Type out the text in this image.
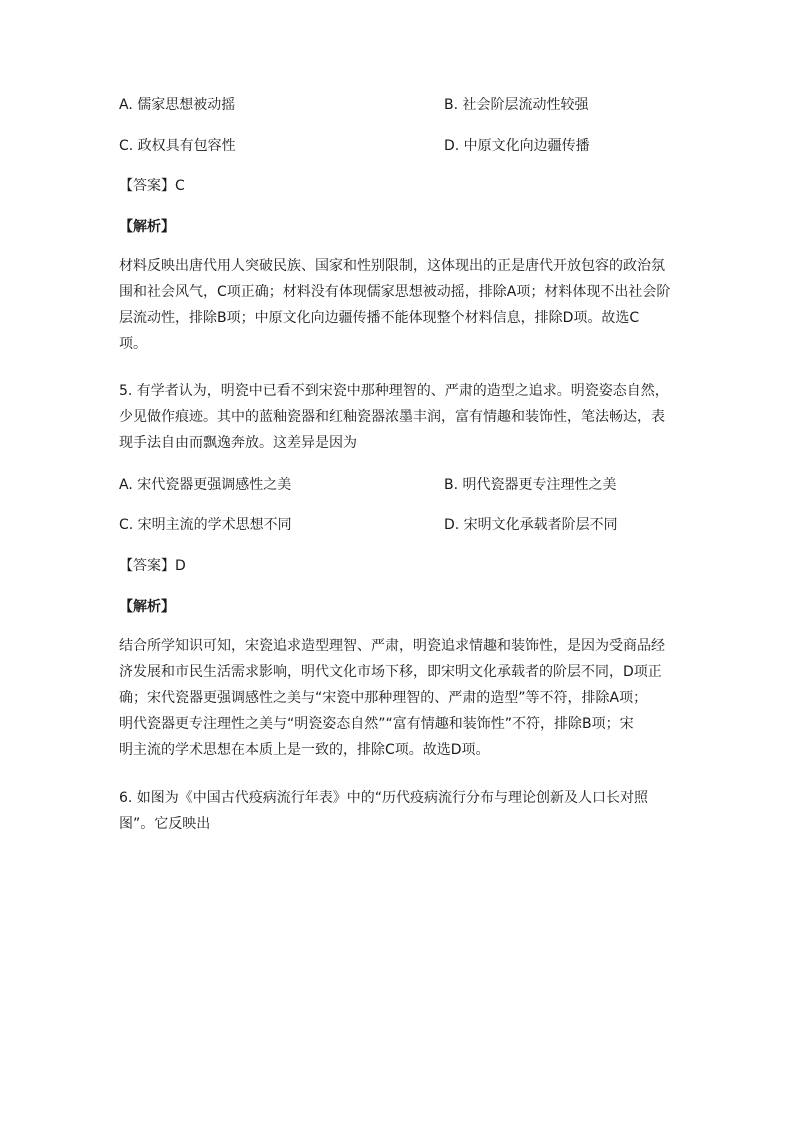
A. 儒家思想被动摇	B. 社会阶层流动性较强
C. 政权具有包容性	D. 中原文化向边疆传播
【答案】C
【解析】
材料反映出唐代用人突破民族、国家和性别限制，这体现出的正是唐代开放包容的政治氛
围和社会风气，C项正确；材料没有体现儒家思想被动摇，排除A项；材料体现不出社会阶
层流动性，排除B项；中原文化向边疆传播不能体现整个材料信息，排除D项。故选C
项。
5. 有学者认为，明瓷中已看不到宋瓷中那种理智的、严肃的造型之追求。明瓷姿态自然，
少见做作痕迹。其中的蓝釉瓷器和红釉瓷器浓墨丰润，富有情趣和装饰性，笔法畅达，表
现手法自由而飘逸奔放。这差异是因为
A. 宋代瓷器更强调感性之美	B. 明代瓷器更专注理性之美
C. 宋明主流的学术思想不同	D. 宋明文化承载者阶层不同
【答案】D
【解析】
结合所学知识可知，宋瓷追求造型理智、严肃，明瓷追求情趣和装饰性，是因为受商品经
济发展和市民生活需求影响，明代文化市场下移，即宋明文化承载者的阶层不同，D项正
确；宋代瓷器更强调感性之美与“宋瓷中那种理智的、严肃的造型”等不符，排除A项；
明代瓷器更专注理性之美与“明瓷姿态自然”“富有情趣和装饰性”不符，排除B项；宋
明主流的学术思想在本质上是一致的，排除C项。故选D项。
6. 如图为《中国古代疫病流行年表》中的“历代疫病流行分布与理论创新及人口长对照
图”。它反映出
